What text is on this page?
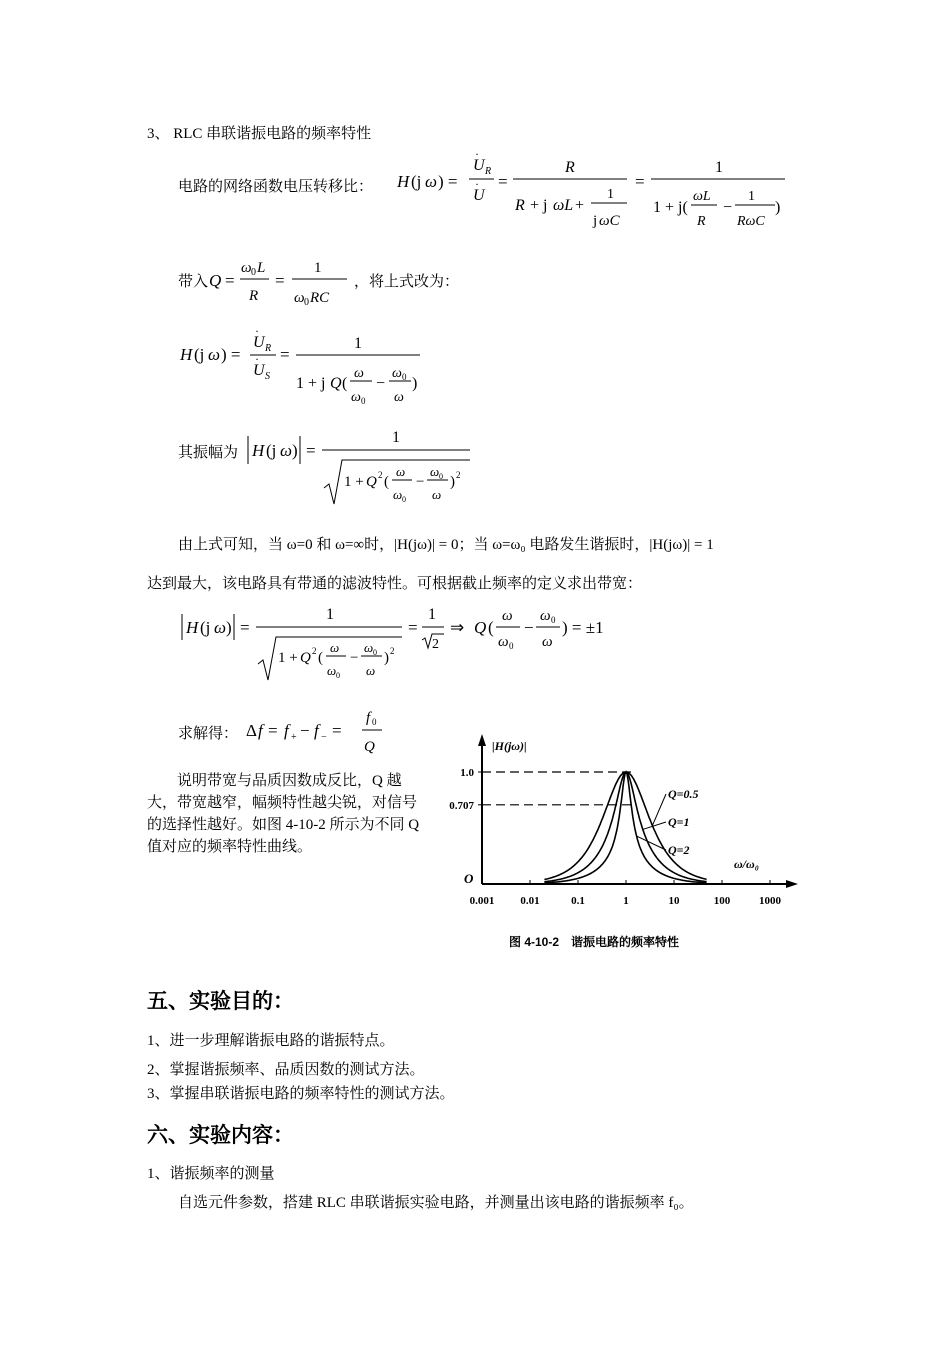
3、 RLC 串联谐振电路的频率特性
电路的网络函数电压转移比： H (j ω ) =
U
·
R
U
· =
R
R + j ωL +
1
j ωC
=
1
1 + j(
ωL
R
−
1
RωC
)
带入 Q =
ω 0 L
R
=
1
ω 0 RC
，将上式改为：
H (j ω ) =
U
·
R
U
·
S
=
1
1 + j Q (
ω
ω 0
−
ω 0
ω
)
其振幅为 H (j ω ) =
1
1 + Q 2 (
ω
ω 0
−
ω 0
ω
) 2
由上式可知，当 ω=0 和 ω=∞时，|H(jω)| = 0；当 ω=ω₀ 电路发生谐振时，|H(jω)| = 1
达到最大，该电路具有带通的滤波特性。可根据截止频率的定义求出带宽：
H (j ω ) =
1
1 + Q 2 (
ω
ω 0
−
ω 0
ω
) 2
=
1
2
⇒ Q (
ω
ω 0
−
ω 0
ω
) = ±1
求解得： Δ f = f + − f − =
f 0
Q
说明带宽与品质因数成反比，Q 越大，带宽越窄，幅频特性越尖锐，对信号的选择性越好。如图 4-10-2 所示为不同 Q 值对应的频率特性曲线。
|H(jω)|
ω/ω₀
O
1.0
0.707
0.001 0.01	0.1	1	10	100	1000
Q=0.5
Q=1
Q=2
图 4-10-2　谐振电路的频率特性
五、实验目的：
1、进一步理解谐振电路的谐振特点。
2、掌握谐振频率、品质因数的测试方法。
3、掌握串联谐振电路的频率特性的测试方法。
六、实验内容：
1、谐振频率的测量
自选元件参数，搭建 RLC 串联谐振实验电路，并测量出该电路的谐振频率 f₀。
